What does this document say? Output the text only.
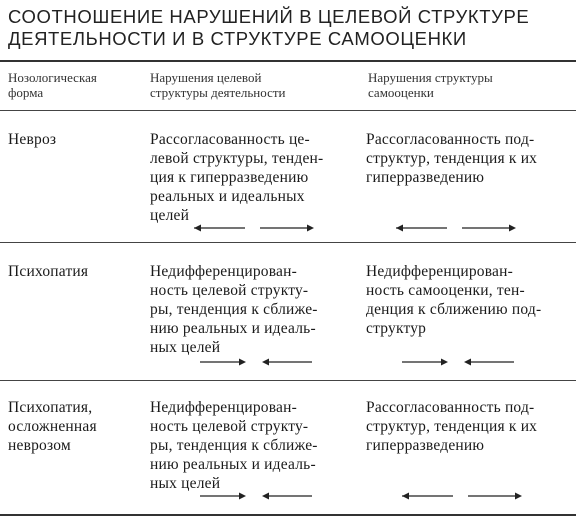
СООТНОШЕНИЕ НАРУШЕНИЙ В ЦЕЛЕВОЙ СТРУКТУРЕ
ДЕЯТЕЛЬНОСТИ И В СТРУКТУРЕ САМООЦЕНКИ
Нозологическая
форма
Нарушения целевой
структуры деятельности
Нарушения структуры
самооценки
Невроз	Рассогласованность це-
левой структуры, тенден-
ция к гиперразведению
реальных и идеальных
целей
Рассогласованность под-
структур, тенденция к их
гиперразведению
Психопатия	Недифференцирован-
ность целевой структу-
ры, тенденция к сближе-
нию реальных и идеаль-
ных целей
Недифференцирован-
ность самооценки, тен-
денция к сближению под-
структур
Психопатия,
осложненная
неврозом
Недифференцирован-
ность целевой структу-
ры, тенденция к сближе-
нию реальных и идеаль-
ных целей
Рассогласованность под-
структур, тенденция к их
гиперразведению
